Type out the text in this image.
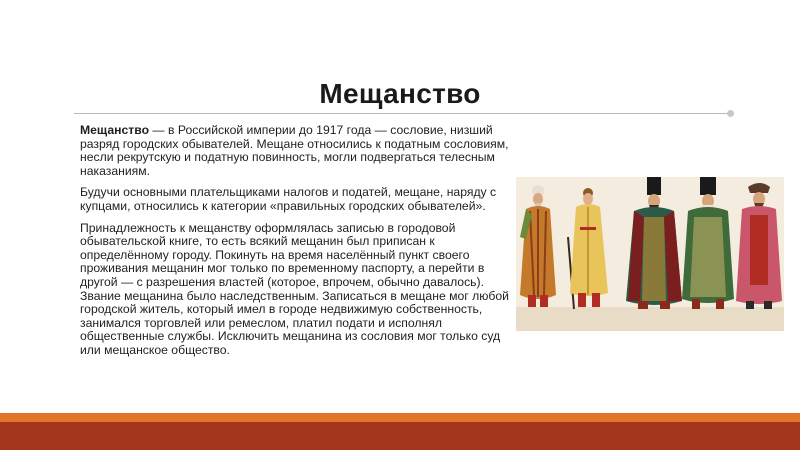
Мещанство

Мещанство — в Российской империи до 1917 года — сословие, низший разряд городских обывателей. Мещане относились к податным сословиям, несли рекрутскую и податную повинность, могли подвергаться телесным наказаниям.

Будучи основными плательщиками налогов и податей, мещане, наряду с купцами, относились к категории «правильных городских обывателей».

Принадлежность к мещанству оформлялась записью в городовой обывательской книге, то есть всякий мещанин был приписан к определённому городу. Покинуть на время населённый пункт своего проживания мещанин мог только по временному паспорту, а перейти в другой — с разрешения властей (которое, впрочем, обычно давалось). Звание мещанина было наследственным. Записаться в мещане мог любой городской житель, который имел в городе недвижимую собственность, занимался торговлей или ремеслом, платил подати и исполнял общественные службы. Исключить мещанина из сословия мог только суд или мещанское общество.
